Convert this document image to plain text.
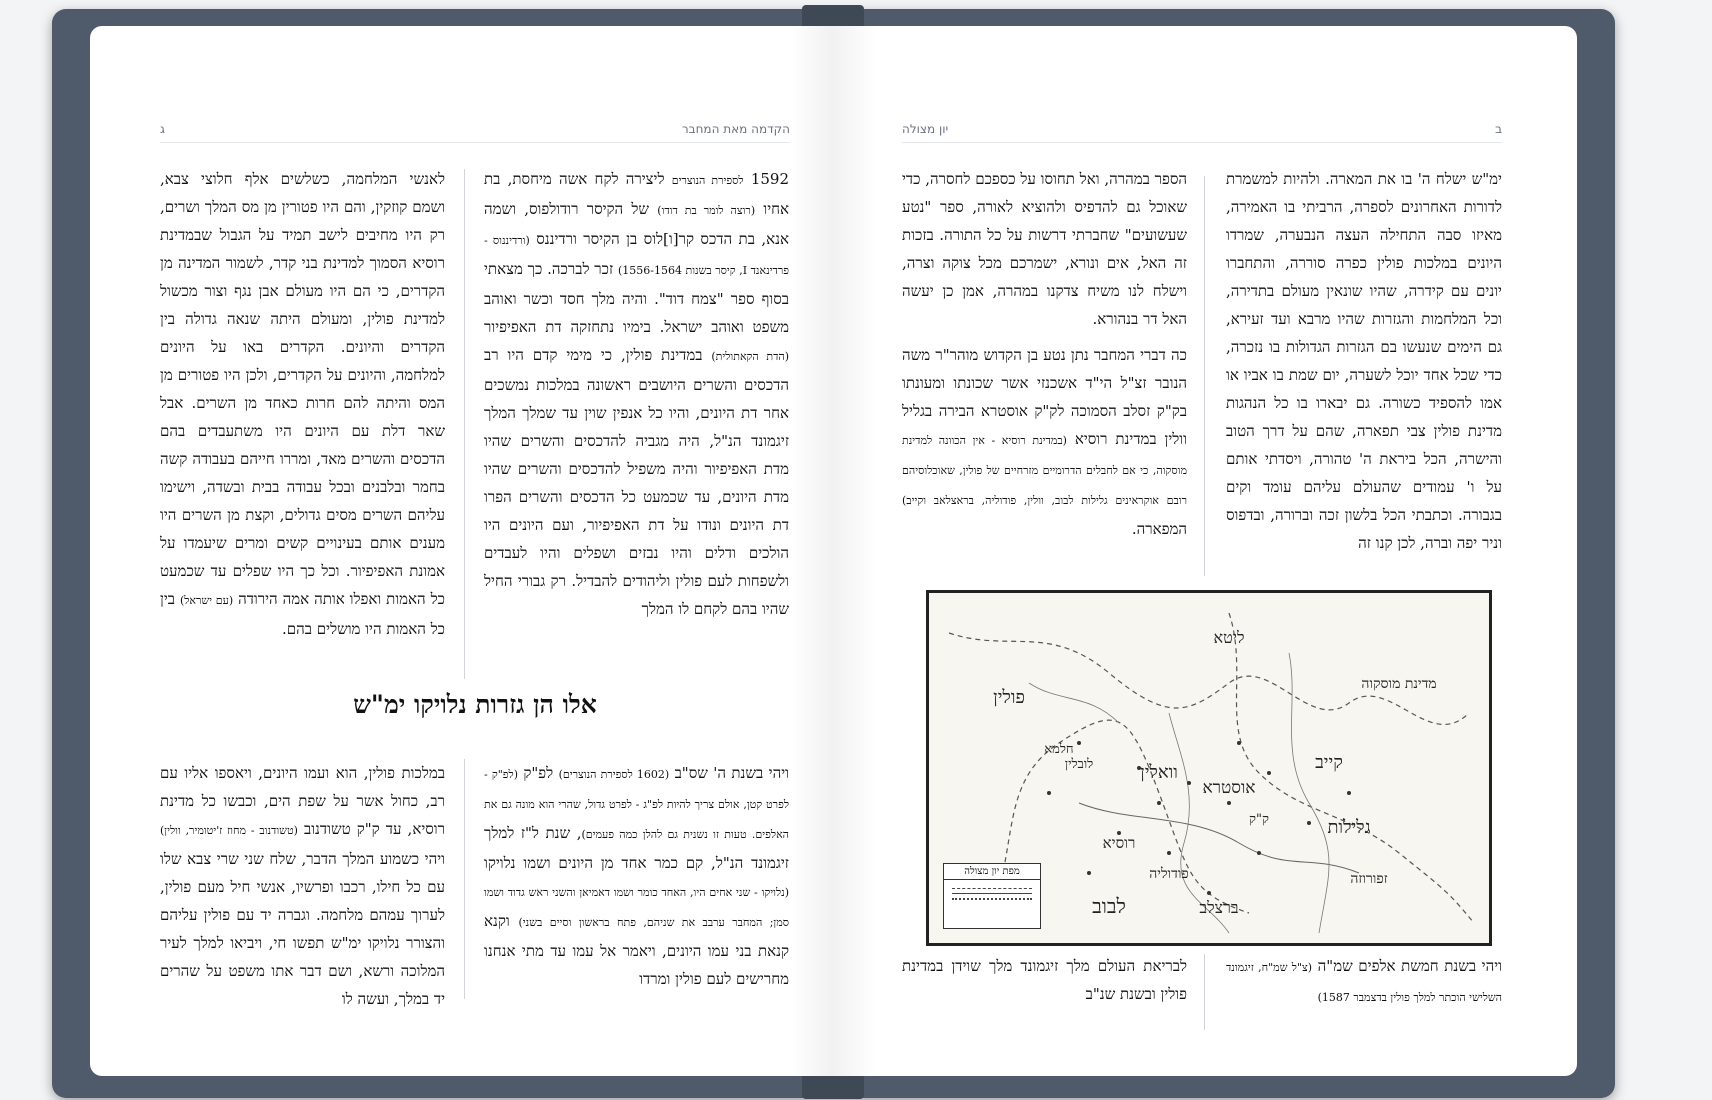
ג	הקדמה מאת המחבר

1592 לספירת הנוצרים ליצירה לקח אשה מיחסת, בת אחיו (רוצה לומר בת דודו) של הקיסר רודולפוס, ושמה אנא, בת הדכס קר[ו]לוס בן הקיסר ורדיננס (ורדיננוס - פרדינאנד I, קיסר בשנות 1556-1564) זכר לברכה. כך מצאתי בסוף ספר "צמח דוד". והיה מלך חסד וכשר ואוהב משפט ואוהב ישראל. בימיו נתחזקה דת האפיפיור (הדת הקאתולית) במדינת פולין, כי מימי קדם היו רב הדכסים והשרים היושבים ראשונה במלכות נמשכים אחר דת היונים, והיו כל אנפין שוין עד שמלך המלך זיגמונד הנ"ל, היה מגביה להדכסים והשרים שהיו מדת האפיפיור והיה משפיל להדכסים והשרים שהיו מדת היונים, עד שכמעט כל הדכסים והשרים הפרו דת היונים ונודו על דת האפיפיור, ועם היונים היו הולכים ודלים והיו נבזים ושפלים והיו לעבדים ולשפחות לעם פולין וליהודים להבדיל. רק גבורי החיל שהיו בהם לקחם לו המלך

לאנשי המלחמה, כשלשים אלף חלוצי צבא, ושמם קוזקין, והם היו פטורין מן מס המלך ושרים, רק היו מחיבים לישב תמיד על הגבול שבמדינת רוסיא הסמוך למדינת בני קדר, לשמור המדינה מן הקדרים, כי הם היו מעולם אבן נגף וצור מכשול למדינת פולין, ומעולם היתה שנאה גדולה בין הקדרים והיונים. הקדרים באו על היונים למלחמה, והיונים על הקדרים, ולכן היו פטורים מן המס והיתה להם חרות כאחד מן השרים. אבל שאר דלת עם היונים היו משתעבדים בהם הדכסים והשרים מאד, ומררו חייהם בעבודה קשה בחמר ובלבנים ובכל עבודה בבית ובשדה, וישימו עליהם השרים מסים גדולים, וקצת מן השרים היו מענים אותם בעינויים קשים ומרים שיעמדו על אמונת האפיפיור. וכל כך היו שפלים עד שכמעט כל האמות ואפלו אותה אמה הירודה (עם ישראל) בין כל האמות היו מושלים בהם.

אלו הן גזרות נלויקו ימ"ש

ויהי בשנת ה' שס"ב (1602 לספירת הנוצרים) לפ"ק (לפ"ק - לפרט קטן, אולם צריך להיות לפ"ג - לפרט גדול, שהרי הוא מונה גם את האלפים. טעות זו נשנית גם להלן כמה פעמים), שנת ל"ז למלך זיגמונד הנ"ל, קם כמר אחד מן היונים ושמו נלויקו (נלויקו - שני אחים היו, האחד כומר ושמו דאמיאן והשני ראש גדוד ושמו סמן; המחבר ערבב את שניהם, פתח בראשון וסיים בשני) וקנא קנאת בני עמו היונים, ויאמר אל עמו עד מתי אנחנו מחרישים לעם פולין ומרדו

במלכות פולין, הוא ועמו היונים, ויאספו אליו עם רב, כחול אשר על שפת הים, וכבשו כל מדינת רוסיא, עד ק"ק טשודנוב (טשודנוב - מחוז ז'יטומיר, וולין) ויהי כשמוע המלך הדבר, שלח שני שרי צבא שלו עם כל חילו, רכבו ופרשיו, אנשי חיל מעם פולין, לערוך עמהם מלחמה. וגברה יד עם פולין עליהם והצורר נלויקו ימ"ש תפשו חי, ויביאו למלך לעיר המלוכה ורשא, ושם דבר אתו משפט על שהרים יד במלך, ועשה לו

יון מצולה	ב

ימ"ש ישלח ה' בו את המארה. ולהיות למשמרת לדורות האחרונים לספרה, הרביתי בו האמירה, מאיזו סבה התחילה העצה הנבערה, שמרדו היונים במלכות פולין כפרה סוררה, והתחברו יונים עם קידרה, שהיו שונאין מעולם בתדירה, וכל המלחמות והגזרות שהיו מרבא ועד זעירא, גם הימים שנעשו בם הגזרות הגדולות בו נזכרה, כדי שכל אחד יוכל לשערה, יום שמת בו אביו או אמו להספיד כשורה. גם יבארו בו כל הנהגות מדינת פולין צבי תפארה, שהם על דרך הטוב והישרה, הכל ביראת ה' טהורה, ויסדתי אותם על ו' עמודים שהעולם עליהם עומד וקים בגבורה. וכתבתי הכל בלשון זכה וברורה, ובדפוס וניר יפה וברה, לכן קנו זה

הספר במהרה, ואל תחוסו על כספכם לחסרה, כדי שאוכל גם להדפיס ולהוציא לאורה, ספר "נטע שעשועים" שחברתי דרשות על כל התורה. בזכות זה האל, אים ונורא, ישמרכם מכל צוקה וצרה, וישלח לנו משיח צדקנו במהרה, אמן כן יעשה האל דר בנהורא.

כה דברי המחבר נתן נטע בן הקדוש מוהר"ר משה הנובר זצ"ל הי"ד אשכנזי אשר שכונתו ומעונתו בק"ק זסלב הסמוכה לק"ק אוסטרא הבירה בגליל וולין במדינת רוסיא (במדינת רוסיא - אין הכוונה למדינת מוסקוה, כי אם לחבלים הדרומיים מזרחיים של פולין, שאוכלוסיהם רובם אוקראינים גלילות לבוב, וולין, פודוליה, בראצלאב וקייב) המפארה.

ליטא
מדינת מוסקוה
פולין
חלמא
לובלין	וואלין	קייב
אוסטרא
רוסיא
גלילות
פודוליה
לבוב	ברצלב
זפורוזה
ק"ק
מפת יון מצולה

ויהי בשנת חמשת אלפים שמ"ה (צ"ל שמ"ח, זיגמונד השלישי הוכתר למלך פולין בדצמבר 1587)

לבריאת העולם מלך זיגמונד מלך שוידן במדינת פולין ובשנת שנ"ב
